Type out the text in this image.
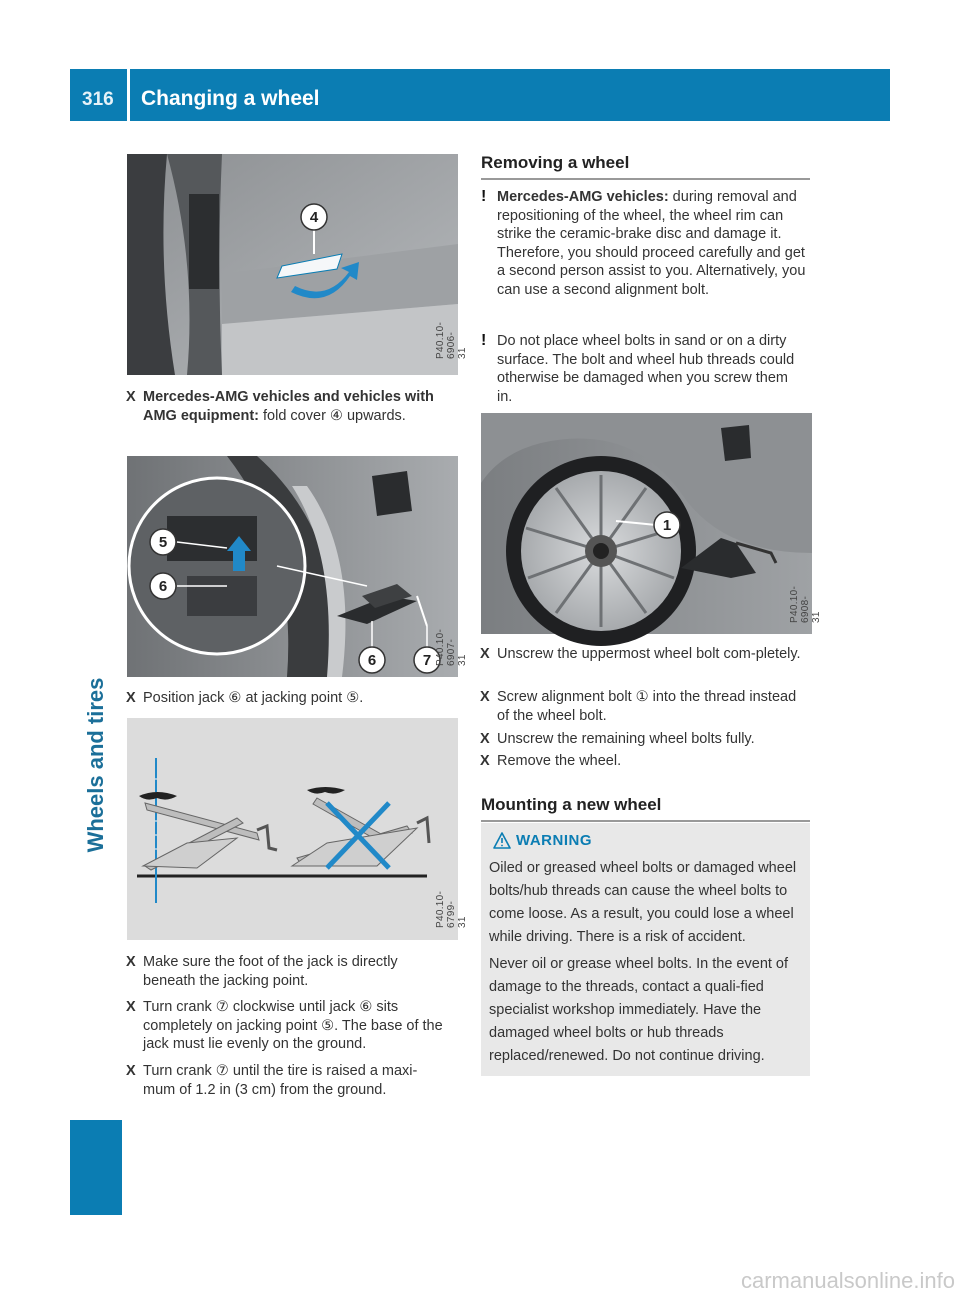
316 Changing a wheel
Wheels and tires
4
P40.10-6906-31
X Mercedes-AMG vehicles and vehicles with AMG equipment: fold cover ④ upwards.
5
6
6	7 P40.10-6907-31
X Position jack ⑥ at jacking point ⑤.
P40.10-6799-31
X Make sure the foot of the jack is directly beneath the jacking point.
X Turn crank ⑦ clockwise until jack ⑥ sits completely on jacking point ⑤. The base of the jack must lie evenly on the ground.
X Turn crank ⑦ until the tire is raised a maxi-mum of 1.2 in (3 cm) from the ground.
Removing a wheel
! Mercedes-AMG vehicles: during removal and repositioning of the wheel, the wheel rim can strike the ceramic-brake disc and damage it. Therefore, you should proceed carefully and get a second person assist to you. Alternatively, you can use a second alignment bolt.
! Do not place wheel bolts in sand or on a dirty surface. The bolt and wheel hub threads could otherwise be damaged when you screw them in.
1
P40.10-6908-31
X Unscrew the uppermost wheel bolt com-pletely.
X Screw alignment bolt ① into the thread instead of the wheel bolt.
X Unscrew the remaining wheel bolts fully.
X Remove the wheel.
Mounting a new wheel
WARNING

Oiled or greased wheel bolts or damaged wheel bolts/hub threads can cause the wheel bolts to come loose. As a result, you could lose a wheel while driving. There is a risk of accident.

Never oil or grease wheel bolts. In the event of damage to the threads, contact a quali-fied specialist workshop immediately. Have the damaged wheel bolts or hub threads replaced/renewed. Do not continue driving.

carmanualsonline.info
